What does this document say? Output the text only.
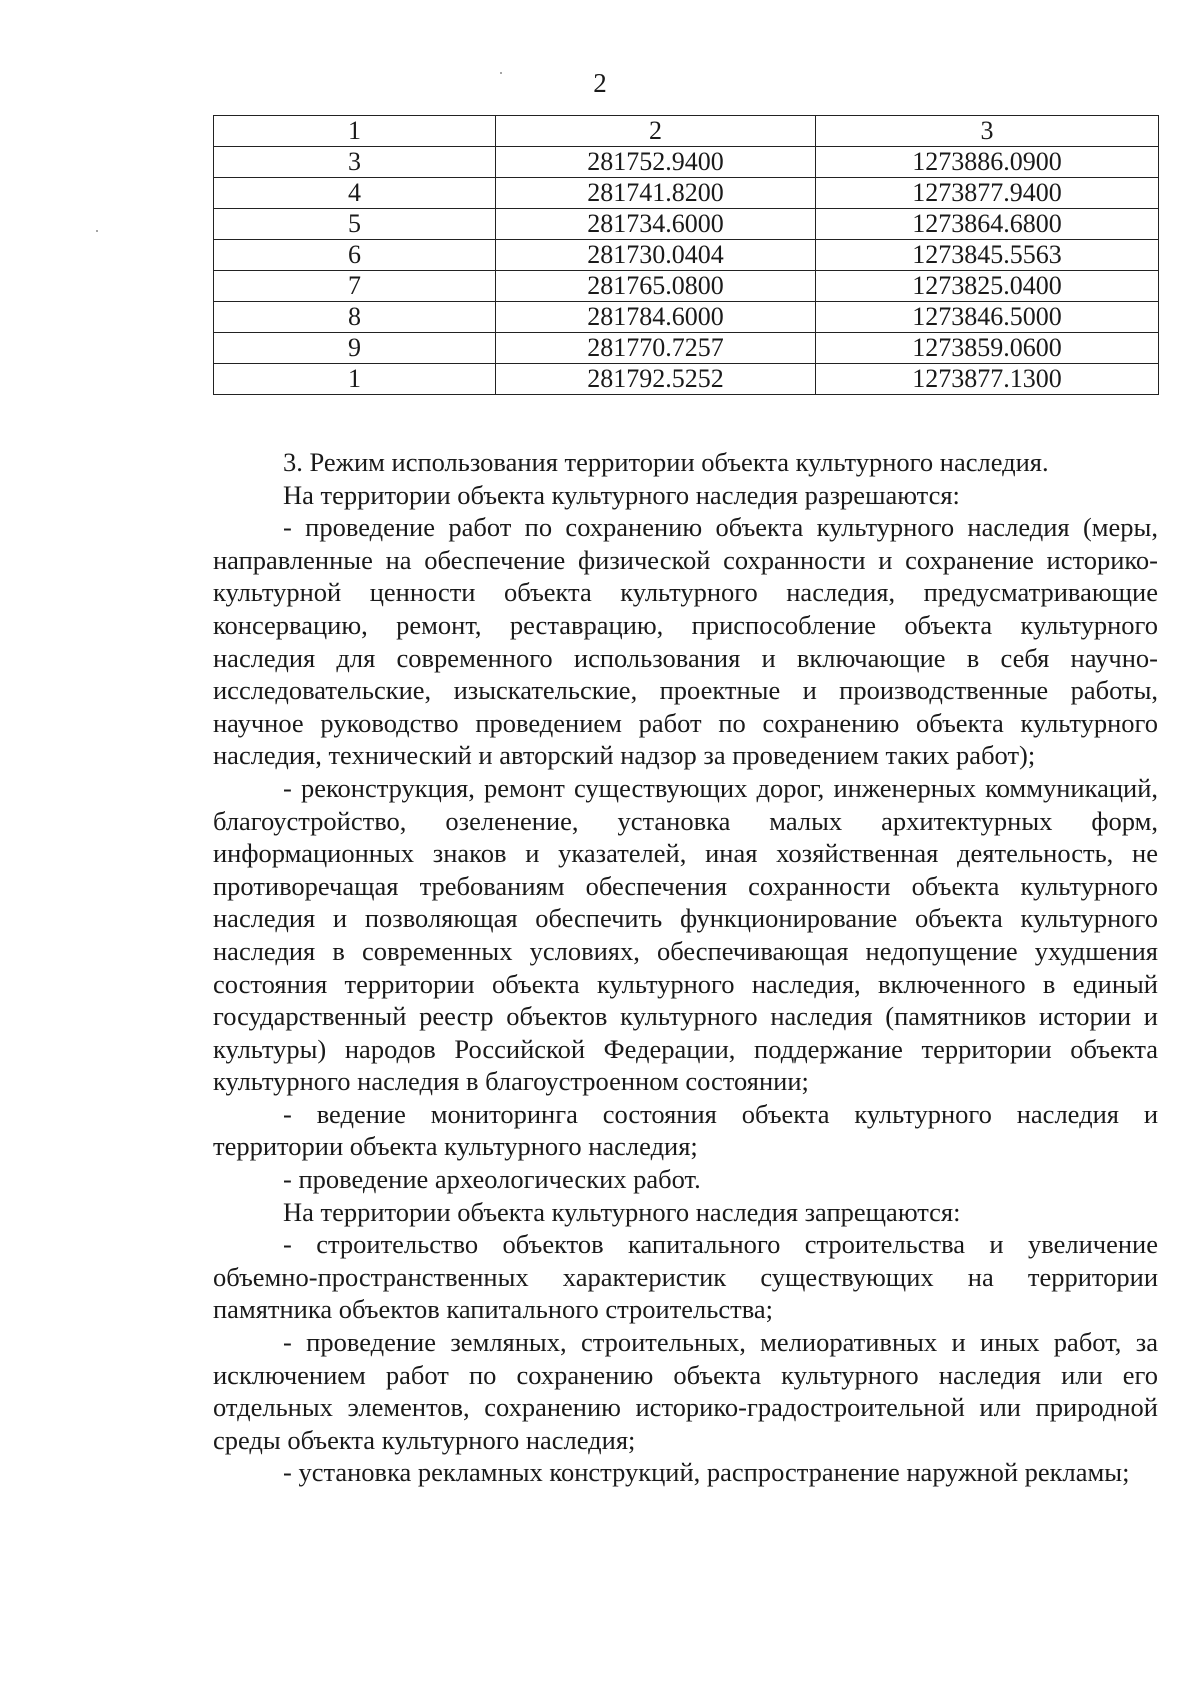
2
1	2	3
3	281752.9400	1273886.0900
4	281741.8200	1273877.9400
5	281734.6000	1273864.6800
6	281730.0404	1273845.5563
7	281765.0800	1273825.0400
8	281784.6000	1273846.5000
9	281770.7257	1273859.0600
1	281792.5252	1273877.1300

3. Режим использования территории объекта культурного наследия.

На территории объекта культурного наследия разрешаются:

- проведение работ по сохранению объекта культурного наследия (меры, направленные на обеспечение физической сохранности и сохранение историко-культурной ценности объекта культурного наследия, предусматривающие консервацию, ремонт, реставрацию, приспособление объекта культурного наследия для современного использования и включающие в себя научно-исследовательские, изыскательские, проектные и производственные работы, научное руководство проведением работ по сохранению объекта культурного наследия, технический и авторский надзор за проведением таких работ);

- реконструкция, ремонт существующих дорог, инженерных коммуникаций, благоустройство, озеленение, установка малых архитектурных форм, информационных знаков и указателей, иная хозяйственная деятельность, не противоречащая требованиям обеспечения сохранности объекта культурного наследия и позволяющая обеспечить функционирование объекта культурного наследия в современных условиях, обеспечивающая недопущение ухудшения состояния территории объекта культурного наследия, включенного в единый государственный реестр объектов культурного наследия (памятников истории и культуры) народов Российской Федерации, поддержание территории объекта культурного наследия в благоустроенном состоянии;

- ведение мониторинга состояния объекта культурного наследия и территории объекта культурного наследия;

- проведение археологических работ.

На территории объекта культурного наследия запрещаются:

- строительство объектов капитального строительства и увеличение объемно-пространственных характеристик существующих на территории памятника объектов капитального строительства;

- проведение земляных, строительных, мелиоративных и иных работ, за исключением работ по сохранению объекта культурного наследия или его отдельных элементов, сохранению историко-градостроительной или природной среды объекта культурного наследия;

- установка рекламных конструкций, распространение наружной рекламы;
